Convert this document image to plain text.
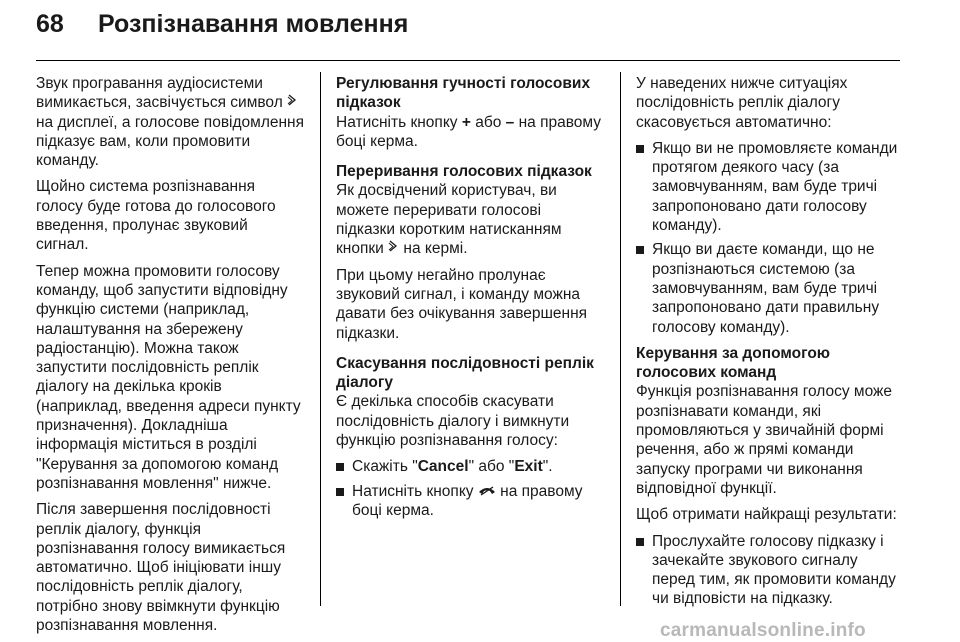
68	Розпізнавання мовлення

Звук програвання аудіосистеми вимикається, засвічується символ  на дисплеї, а голосове повідомлення підказує вам, коли промовити команду.

Щойно система розпізнавання голосу буде готова до голосового введення, пролунає звуковий сигнал.

Тепер можна промовити голосову команду, щоб запустити відповідну функцію системи (наприклад, налаштування на збережену радіостанцію). Можна також запустити послідовність реплік діалогу на декілька кроків (наприклад, введення адреси пункту призначення). Докладніша інформація міститься в розділі "Керування за допомогою команд розпізнавання мовлення" нижче.

Після завершення послідовності реплік діалогу, функція розпізнавання голосу вимикається автоматично. Щоб ініціювати іншу послідовність реплік діалогу, потрібно знову ввімкнути функцію розпізнавання мовлення.

Регулювання гучності голосових підказок

Натисніть кнопку + або – на правому боці керма.

Переривання голосових підказок

Як досвідчений користувач, ви можете переривати голосові підказки коротким натисканням кнопки на кермі.

При цьому негайно пролунає звуковий сигнал, і команду можна давати без очікування завершення підказки.

Скасування послідовності реплік діалогу

Є декілька способів скасувати послідовність діалогу і вимкнути функцію розпізнавання голосу:

Скажіть "Cancel" або "Exit".
Натисніть кнопку на правому боці керма.

У наведених нижче ситуаціях послідовність реплік діалогу скасовується автоматично:

Якщо ви не промовляєте команди протягом деякого часу (за замовчуванням, вам буде тричі запропоновано дати голосову команду).
Якщо ви даєте команди, що не розпізнаються системою (за замовчуванням, вам буде тричі запропоновано дати правильну голосову команду).

Керування за допомогою голосових команд

Функція розпізнавання голосу може розпізнавати команди, які промовляються у звичайній формі речення, або ж прямі команди запуску програми чи виконання відповідної функції.

Щоб отримати найкращі результати:

Прослухайте голосову підказку і зачекайте звукового сигналу перед тим, як промовити команду чи відповісти на підказку.
carmanualsonline.info
